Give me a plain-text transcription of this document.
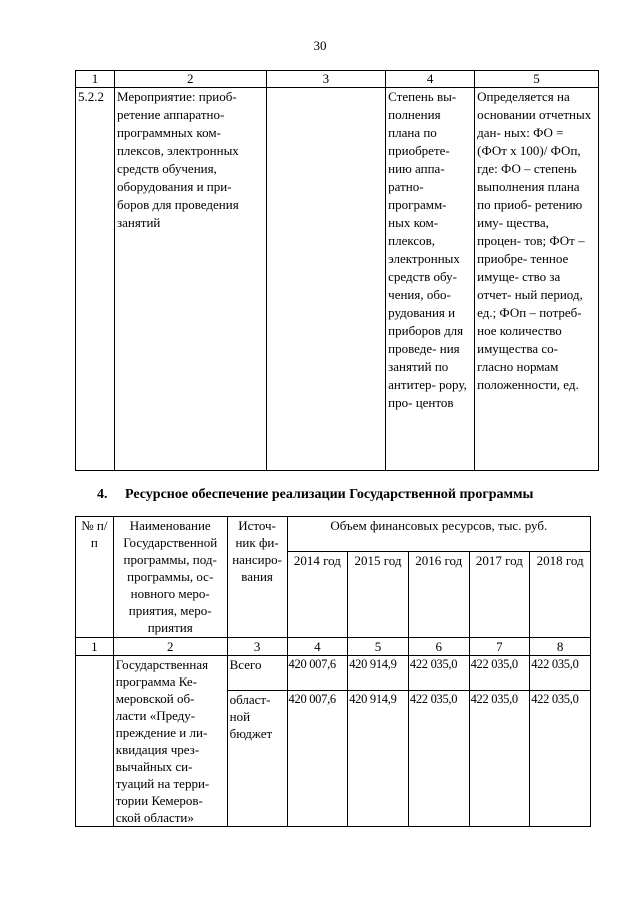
30
1	2	3	4	5
5.2.2	Мероприятие: приоб- ретение аппаратно- программных ком- плексов, электронных средств обучения, оборудования и при- боров для проведения занятий		Степень вы- полнения плана по приобрете- нию аппа- ратно- программ- ных ком- плексов, электронных средств обу- чения, обо- рудования и приборов для проведе- ния занятий по антитер- рору, про- центов	Определяется на основании отчетных дан- ных: ФО = (ФОт х 100)/ ФОп, где: ФО – степень выполнения плана по приоб- ретению иму- щества, процен- тов; ФОт – приобре- тенное имуще- ство за отчет- ный период, ед.; ФОп – потреб- ное количество имущества со- гласно нормам положенности, ед.
4. Ресурсное обеспечение реализации Государственной программы
№ п/п	Наименование Государственной программы, под- программы, ос- новного меро- приятия, меро- приятия	Источ- ник фи- нансиро- вания	Объем финансовых ресурсов, тыс. руб.				
			2014 год	2015 год	2016 год	2017 год	2018 год
1	2	3	4	5	6	7	8
	Государственная программа Ке- меровской об- ласти «Преду- преждение и ли- квидация чрез- вычайных си- туаций на терри- тории Кемеров- ской области»	Всего	420 007,6	420 914,9	422 035,0	422 035,0	422 035,0
		област- ной бюджет	420 007,6	420 914,9	422 035,0	422 035,0	422 035,0
